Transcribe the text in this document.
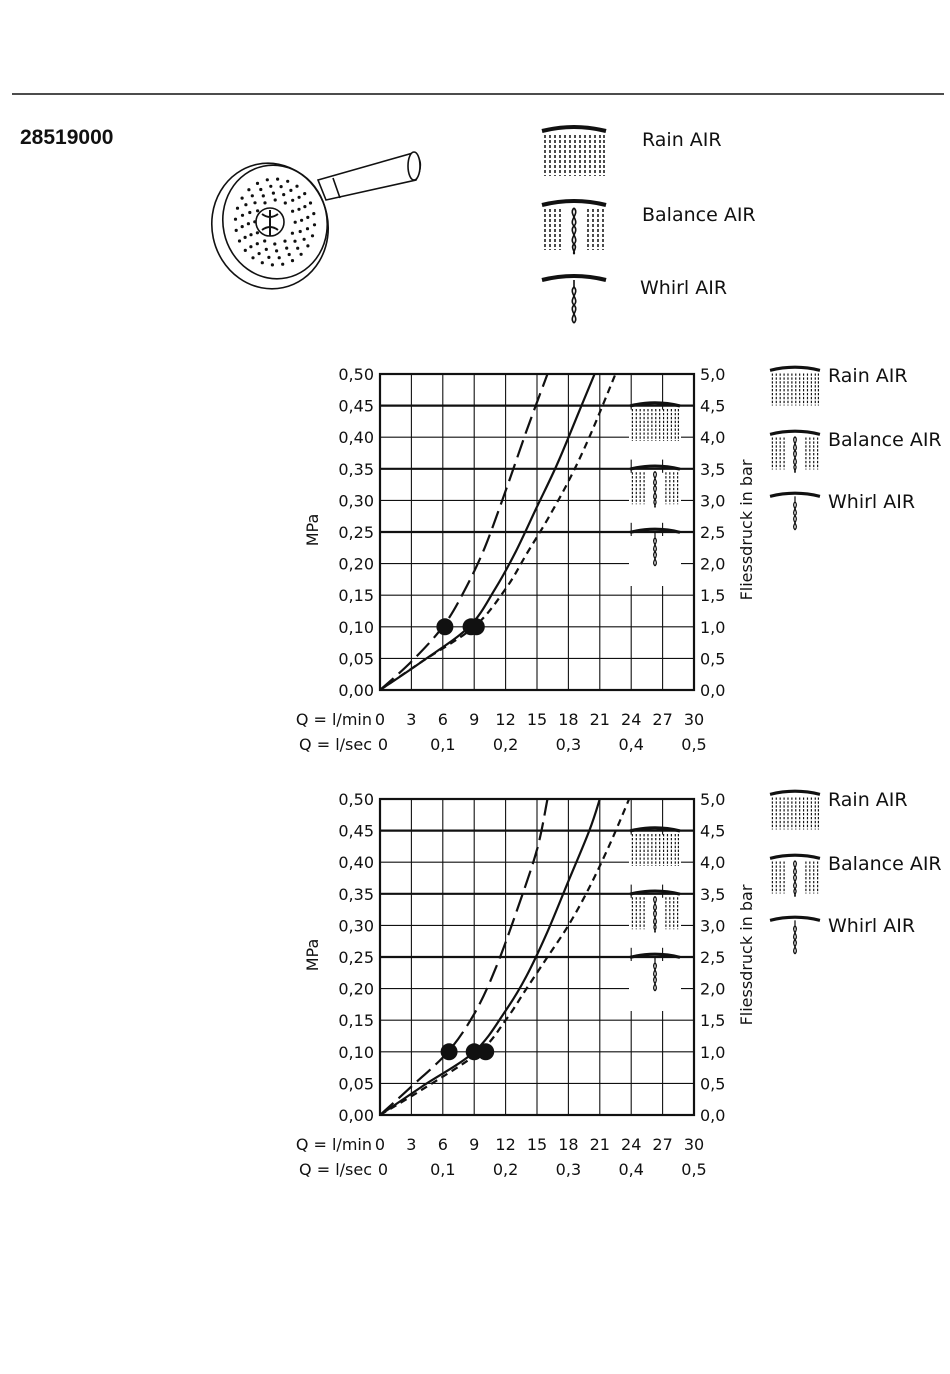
28519000	Rain AIR
Balance AIR
Whirl AIR
0,00
0,05
0,10
0,15
0,20
0,25
0,30
0,35
0,40
0,45
0,50
0,0
0,5
1,0
1,5
2,0
2,5
3,0
3,5
4,0
4,5
5,0
0 3 6 9 12 15 18 21 24 27 30
0	0,1 0,2 0,3 0,4 0,5
Q = l/min
Q = l/sec
MPa	Fliessdruck in bar
Rain AIR
Balance AIR
Whirl AIR
0,00
0,05
0,10
0,15
0,20
0,25
0,30
0,35
0,40
0,45
0,50
0,0
0,5
1,0
1,5
2,0
2,5
3,0
3,5
4,0
4,5
5,0
0 3 6 9 12 15 18 21 24 27 30
0	0,1 0,2 0,3 0,4 0,5
Q = l/min
Q = l/sec
MPa	Fliessdruck in bar
Rain AIR
Balance AIR
Whirl AIR
